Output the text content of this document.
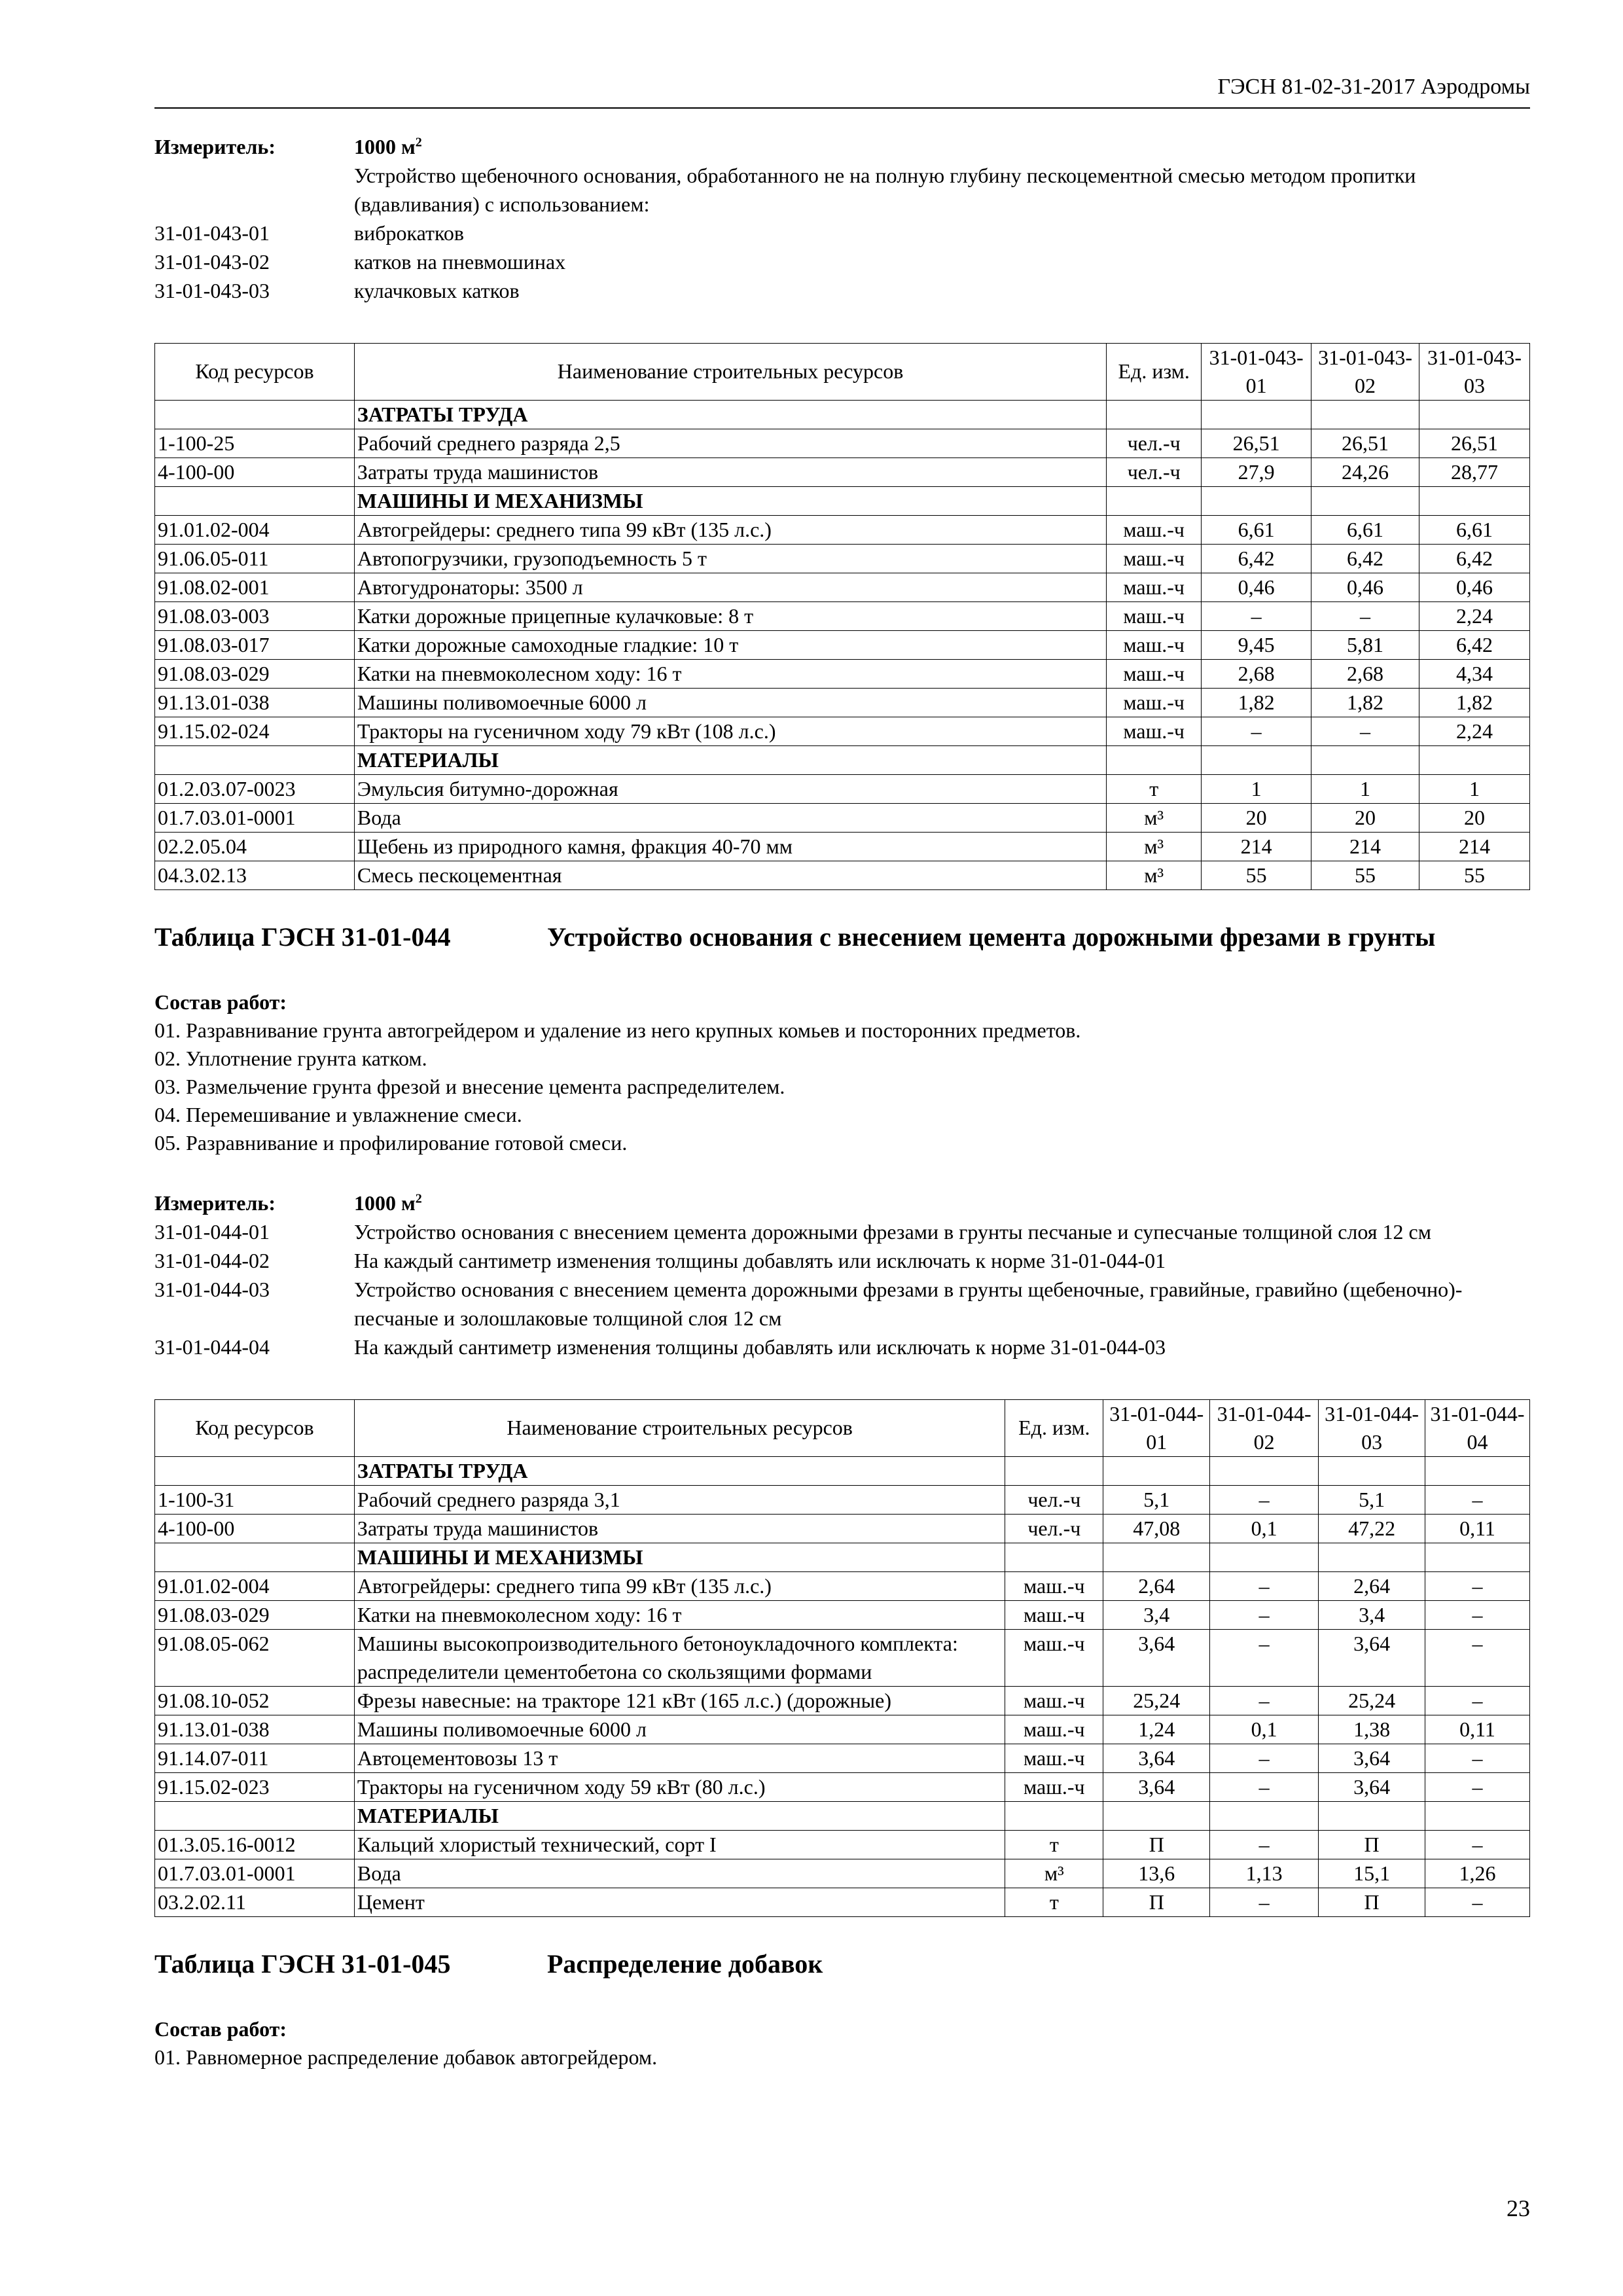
ГЭСН 81-02-31-2017 Аэродромы
Измеритель:	1000 $м^2$
Устройство щебеночного основания, обработанного не на полную глубину пескоцементной смесью методом пропитки (вдавливания) с использованием:
31-01-043-01	виброкатков
31-01-043-02	катков на пневмошинах
31-01-043-03	кулачковых катков
Код ресурсов	Наименование строительных ресурсов	Ед. изм.	31-01-043-01	31-01-043-02	31-01-043-03
	ЗАТРАТЫ ТРУДА				
1-100-25	Рабочий среднего разряда 2,5	чел.-ч	26,51	26,51	26,51
4-100-00	Затраты труда машинистов	чел.-ч	27,9	24,26	28,77
	МАШИНЫ И МЕХАНИЗМЫ				
91.01.02-004	Автогрейдеры: среднего типа 99 кВт (135 л.с.)	маш.-ч	6,61	6,61	6,61
91.06.05-011	Автопогрузчики, грузоподъемность 5 т	маш.-ч	6,42	6,42	6,42
91.08.02-001	Автогудронаторы: 3500 л	маш.-ч	0,46	0,46	0,46
91.08.03-003	Катки дорожные прицепные кулачковые: 8 т	маш.-ч	–	–	2,24
91.08.03-017	Катки дорожные самоходные гладкие: 10 т	маш.-ч	9,45	5,81	6,42
91.08.03-029	Катки на пневмоколесном ходу: 16 т	маш.-ч	2,68	2,68	4,34
91.13.01-038	Машины поливомоечные 6000 л	маш.-ч	1,82	1,82	1,82
91.15.02-024	Тракторы на гусеничном ходу 79 кВт (108 л.с.)	маш.-ч	–	–	2,24
	МАТЕРИАЛЫ				
01.2.03.07-0023	Эмульсия битумно-дорожная	т	1	1	1
01.7.03.01-0001	Вода	м³	20	20	20
02.2.05.04	Щебень из природного камня, фракция 40-70 мм	м³	214	214	214
04.3.02.13	Смесь пескоцементная	м³	55	55	55
Таблица ГЭСН 31-01-044	Устройство основания с внесением цемента дорожными фрезами в грунты
Состав работ:
01. Разравнивание грунта автогрейдером и удаление из него крупных комьев и посторонних предметов.
02. Уплотнение грунта катком.
03. Размельчение грунта фрезой и внесение цемента распределителем.
04. Перемешивание и увлажнение смеси.
05. Разравнивание и профилирование готовой смеси.
Измеритель:	1000 $м^2$
31-01-044-01	Устройство основания с внесением цемента дорожными фрезами в грунты песчаные и супесчаные толщиной слоя 12 см
31-01-044-02	На каждый сантиметр изменения толщины добавлять или исключать к норме 31-01-044-01
31-01-044-03	Устройство основания с внесением цемента дорожными фрезами в грунты щебеночные, гравийные, гравийно (щебеночно)-песчаные и золошлаковые толщиной слоя 12 см
31-01-044-04	На каждый сантиметр изменения толщины добавлять или исключать к норме 31-01-044-03
Код ресурсов	Наименование строительных ресурсов	Ед. изм.	31-01-044-01	31-01-044-02	31-01-044-03	31-01-044-04
	ЗАТРАТЫ ТРУДА					
1-100-31	Рабочий среднего разряда 3,1	чел.-ч	5,1	–	5,1	–
4-100-00	Затраты труда машинистов	чел.-ч	47,08	0,1	47,22	0,11
	МАШИНЫ И МЕХАНИЗМЫ					
91.01.02-004	Автогрейдеры: среднего типа 99 кВт (135 л.с.)	маш.-ч	2,64	–	2,64	–
91.08.03-029	Катки на пневмоколесном ходу: 16 т	маш.-ч	3,4	–	3,4	–
91.08.05-062	Машины высокопроизводительного бетоноукладочного комплекта: распределители цементобетона со скользящими формами	маш.-ч	3,64	–	3,64	–
91.08.10-052	Фрезы навесные: на тракторе 121 кВт (165 л.с.) (дорожные)	маш.-ч	25,24	–	25,24	–
91.13.01-038	Машины поливомоечные 6000 л	маш.-ч	1,24	0,1	1,38	0,11
91.14.07-011	Автоцементовозы 13 т	маш.-ч	3,64	–	3,64	–
91.15.02-023	Тракторы на гусеничном ходу 59 кВт (80 л.с.)	маш.-ч	3,64	–	3,64	–
	МАТЕРИАЛЫ					
01.3.05.16-0012	Кальций хлористый технический, сорт I	т	П	–	П	–
01.7.03.01-0001	Вода	м³	13,6	1,13	15,1	1,26
03.2.02.11	Цемент	т	П	–	П	–
Таблица ГЭСН 31-01-045	Распределение добавок
Состав работ:
01. Равномерное распределение добавок автогрейдером.
23
